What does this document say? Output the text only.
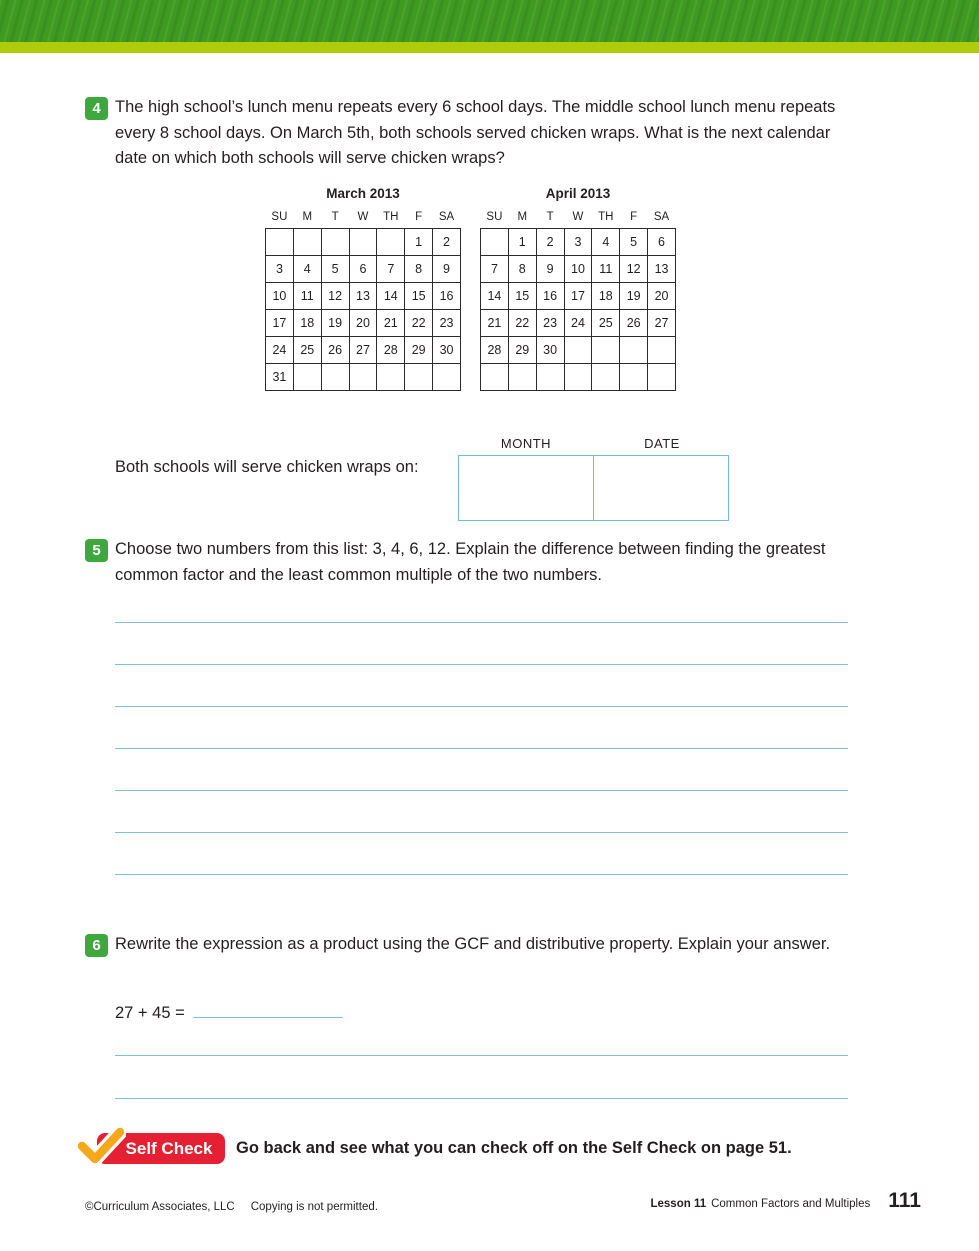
4 The high school’s lunch menu repeats every 6 school days. The middle school lunch menu repeats every 8 school days. On March 5th, both schools served chicken wraps. What is the next calendar date on which both schools will serve chicken wraps?

March 2013
SU	M	T	W	TH	F	SA
					1	2
3	4	5	6	7	8	9
10	11	12	13	14	15	16
17	18	19	20	21	22	23
24	25	26	27	28	29	30
31						
April 2013
SU	M	T	W	TH	F	SA
	1	2	3	4	5	6
7	8	9	10	11	12	13
14	15	16	17	18	19	20
21	22	23	24	25	26	27
28	29	30				

MONTH	DATE
Both schools will serve chicken wraps on:
5 Choose two numbers from this list: 3, 4, 6, 12. Explain the difference between finding the greatest common factor and the least common multiple of the two numbers.

6 Rewrite the expression as a product using the GCF and distributive property. Explain your answer.

27 + 45 =
Self Check	Go back and see what you can check off on the Self Check on page 51.
©Curriculum Associates, LLC Copying is not permitted.	Lesson 11 Common Factors and Multiples 111
